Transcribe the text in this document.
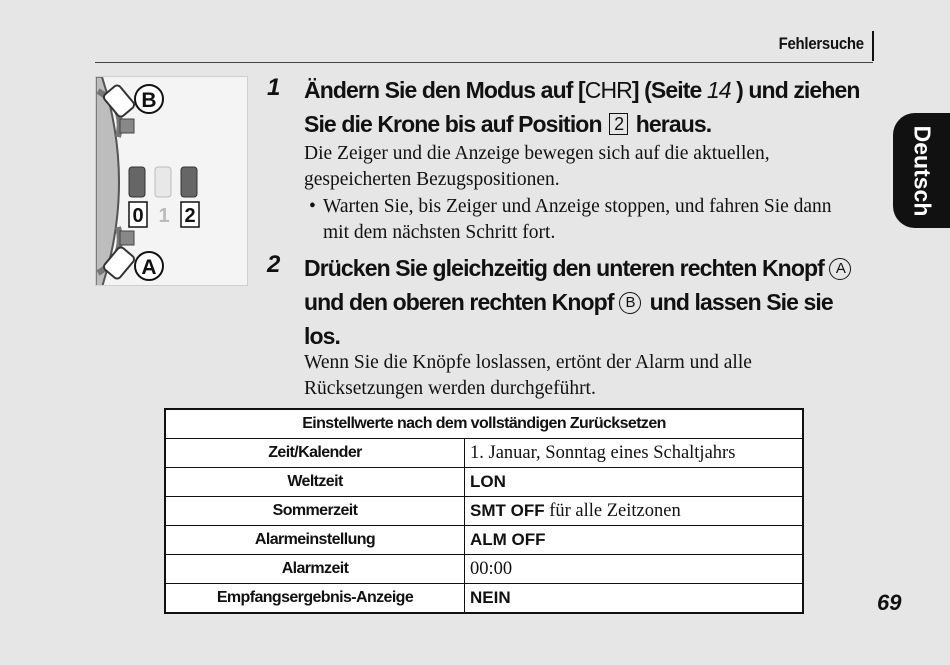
Fehlersuche
Deutsch
B
A
0 1 2
1 Ändern Sie den Modus auf [CHR] (Seite 14 ) und ziehen Sie die Krone bis auf Position 2 heraus.
Die Zeiger und die Anzeige bewegen sich auf die aktuellen, gespeicherten Bezugspositionen.
• Warten Sie, bis Zeiger und Anzeige stoppen, und fahren Sie dann mit dem nächsten Schritt fort.
2 Drücken Sie gleichzeitig den unteren rechten Knopf A und den oberen rechten Knopf B und lassen Sie sie los.
Wenn Sie die Knöpfe loslassen, ertönt der Alarm und alle Rücksetzungen werden durchgeführt.
Einstellwerte nach dem vollständigen Zurücksetzen	
Zeit/Kalender	1. Januar, Sonntag eines Schaltjahrs
Weltzeit	LON
Sommerzeit	SMT OFF für alle Zeitzonen
Alarmeinstellung	ALM OFF
Alarmzeit	00:00
Empfangsergebnis-Anzeige	NEIN	69
